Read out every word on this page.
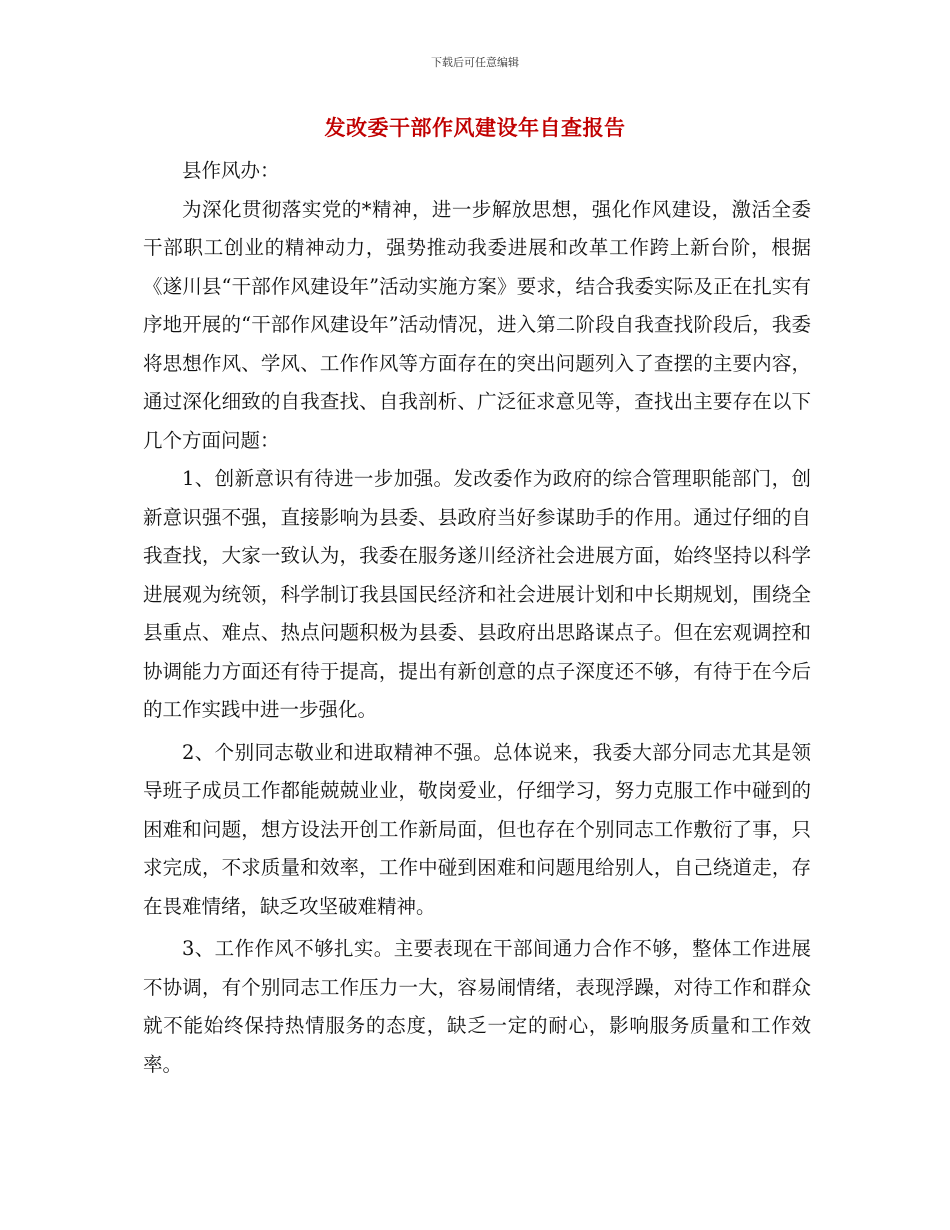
下载后可任意编辑
发改委干部作风建设年自查报告

县作风办：

为深化贯彻落实党的*精神，进一步解放思想，强化作风建设，激活全委干部职工创业的精神动力，强势推动我委进展和改革工作跨上新台阶，根据《遂川县“干部作风建设年”活动实施方案》要求，结合我委实际及正在扎实有序地开展的“干部作风建设年”活动情况，进入第二阶段自我查找阶段后，我委将思想作风、学风、工作作风等方面存在的突出问题列入了查摆的主要内容，通过深化细致的自我查找、自我剖析、广泛征求意见等，查找出主要存在以下几个方面问题：

1、创新意识有待进一步加强。发改委作为政府的综合管理职能部门，创新意识强不强，直接影响为县委、县政府当好参谋助手的作用。通过仔细的自我查找，大家一致认为，我委在服务遂川经济社会进展方面，始终坚持以科学进展观为统领，科学制订我县国民经济和社会进展计划和中长期规划，围绕全县重点、难点、热点问题积极为县委、县政府出思路谋点子。但在宏观调控和协调能力方面还有待于提高，提出有新创意的点子深度还不够，有待于在今后的工作实践中进一步强化。

2、个别同志敬业和进取精神不强。总体说来，我委大部分同志尤其是领导班子成员工作都能兢兢业业，敬岗爱业，仔细学习，努力克服工作中碰到的困难和问题，想方设法开创工作新局面，但也存在个别同志工作敷衍了事，只求完成，不求质量和效率，工作中碰到困难和问题甩给别人，自己绕道走，存在畏难情绪，缺乏攻坚破难精神。

3、工作作风不够扎实。主要表现在干部间通力合作不够，整体工作进展不协调，有个别同志工作压力一大，容易闹情绪，表现浮躁，对待工作和群众就不能始终保持热情服务的态度，缺乏一定的耐心，影响服务质量和工作效率。
